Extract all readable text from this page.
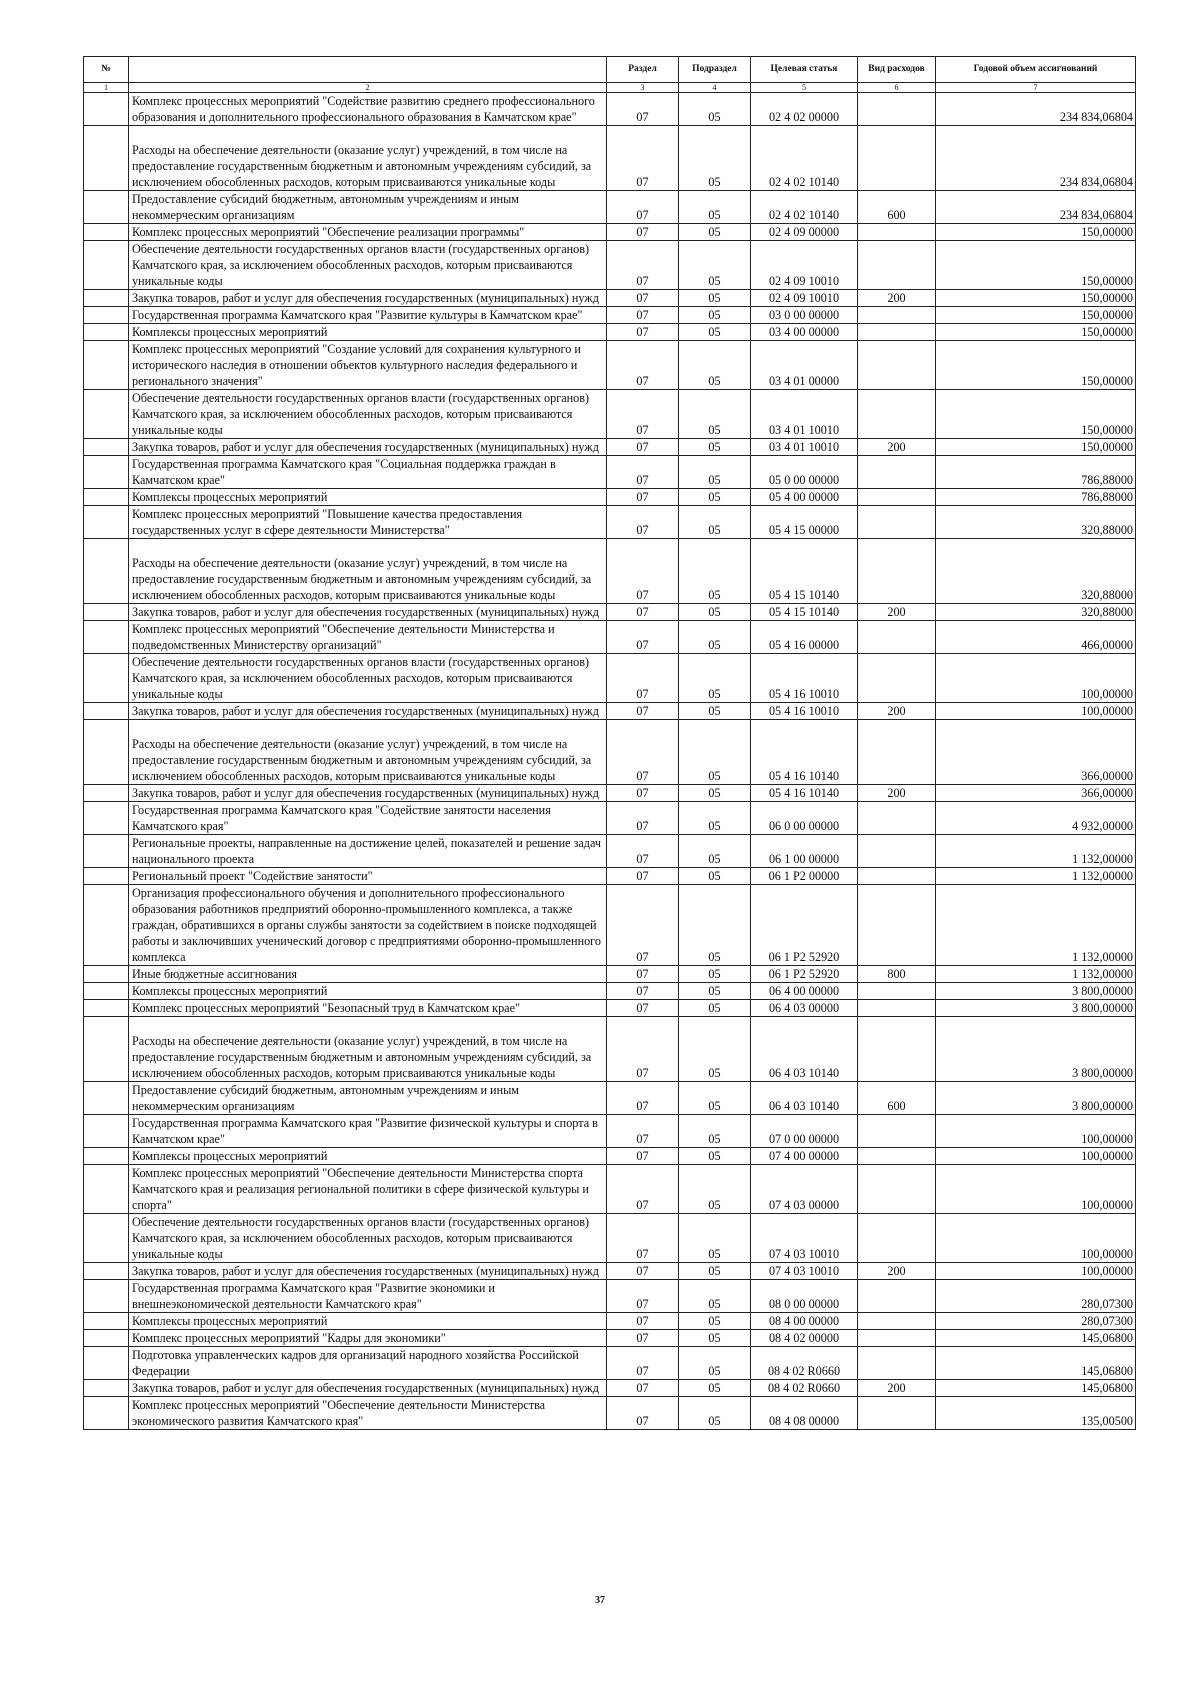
№		Раздел	Подраздел	Целевая статья	Вид расходов	Годовой объем ассигнований
1	2	3	4	5	6	7
	Комплекс процессных мероприятий "Содействие развитию среднего профессионального образования и дополнительного профессионального образования в Камчатском крае"	07	05	02 4 02 00000		234 834,06804
	Расходы на обеспечение деятельности (оказание услуг) учреждений, в том числе на предоставление государственным бюджетным и автономным учреждениям субсидий, за исключением обособленных расходов, которым присваиваются уникальные коды	07	05	02 4 02 10140		234 834,06804
	Предоставление субсидий бюджетным, автономным учреждениям и иным некоммерческим организациям	07	05	02 4 02 10140	600	234 834,06804
	Комплекс процессных мероприятий "Обеспечение реализации программы"	07	05	02 4 09 00000		150,00000
	Обеспечение деятельности государственных органов власти (государственных органов) Камчатского края, за исключением обособленных расходов, которым присваиваются уникальные коды	07	05	02 4 09 10010		150,00000
	Закупка товаров, работ и услуг для обеспечения государственных (муниципальных) нужд	07	05	02 4 09 10010	200	150,00000
	Государственная программа Камчатского края "Развитие культуры в Камчатском крае"	07	05	03 0 00 00000		150,00000
	Комплексы процессных мероприятий	07	05	03 4 00 00000		150,00000
	Комплекс процессных мероприятий "Создание условий для сохранения культурного и исторического наследия в отношении объектов культурного наследия федерального и регионального значения"	07	05	03 4 01 00000		150,00000
	Обеспечение деятельности государственных органов власти (государственных органов) Камчатского края, за исключением обособленных расходов, которым присваиваются уникальные коды	07	05	03 4 01 10010		150,00000
	Закупка товаров, работ и услуг для обеспечения государственных (муниципальных) нужд	07	05	03 4 01 10010	200	150,00000
	Государственная программа Камчатского края "Социальная поддержка граждан в Камчатском крае"	07	05	05 0 00 00000		786,88000
	Комплексы процессных мероприятий	07	05	05 4 00 00000		786,88000
	Комплекс процессных мероприятий "Повышение качества предоставления государственных услуг в сфере деятельности Министерства"	07	05	05 4 15 00000		320,88000
	Расходы на обеспечение деятельности (оказание услуг) учреждений, в том числе на предоставление государственным бюджетным и автономным учреждениям субсидий, за исключением обособленных расходов, которым присваиваются уникальные коды	07	05	05 4 15 10140		320,88000
	Закупка товаров, работ и услуг для обеспечения государственных (муниципальных) нужд	07	05	05 4 15 10140	200	320,88000
	Комплекс процессных мероприятий "Обеспечение деятельности Министерства и подведомственных Министерству организаций"	07	05	05 4 16 00000		466,00000
	Обеспечение деятельности государственных органов власти (государственных органов) Камчатского края, за исключением обособленных расходов, которым присваиваются уникальные коды	07	05	05 4 16 10010		100,00000
	Закупка товаров, работ и услуг для обеспечения государственных (муниципальных) нужд	07	05	05 4 16 10010	200	100,00000
	Расходы на обеспечение деятельности (оказание услуг) учреждений, в том числе на предоставление государственным бюджетным и автономным учреждениям субсидий, за исключением обособленных расходов, которым присваиваются уникальные коды	07	05	05 4 16 10140		366,00000
	Закупка товаров, работ и услуг для обеспечения государственных (муниципальных) нужд	07	05	05 4 16 10140	200	366,00000
	Государственная программа Камчатского края "Содействие занятости населения Камчатского края"	07	05	06 0 00 00000		4 932,00000
	Региональные проекты, направленные на достижение целей, показателей и решение задач национального проекта	07	05	06 1 00 00000		1 132,00000
	Региональный проект "Содействие занятости"	07	05	06 1 P2 00000		1 132,00000
	Организация профессионального обучения и дополнительного профессионального образования работников предприятий оборонно-промышленного комплекса, а также граждан, обратившихся в органы службы занятости за содействием в поиске подходящей работы и заключивших ученический договор с предприятиями оборонно-промышленного комплекса	07	05	06 1 P2 52920		1 132,00000
	Иные бюджетные ассигнования	07	05	06 1 P2 52920	800	1 132,00000
	Комплексы процессных мероприятий	07	05	06 4 00 00000		3 800,00000
	Комплекс процессных мероприятий "Безопасный труд в Камчатском крае"	07	05	06 4 03 00000		3 800,00000
	Расходы на обеспечение деятельности (оказание услуг) учреждений, в том числе на предоставление государственным бюджетным и автономным учреждениям субсидий, за исключением обособленных расходов, которым присваиваются уникальные коды	07	05	06 4 03 10140		3 800,00000
	Предоставление субсидий бюджетным, автономным учреждениям и иным некоммерческим организациям	07	05	06 4 03 10140	600	3 800,00000
	Государственная программа Камчатского края "Развитие физической культуры и спорта в Камчатском крае"	07	05	07 0 00 00000		100,00000
	Комплексы процессных мероприятий	07	05	07 4 00 00000		100,00000
	Комплекс процессных мероприятий "Обеспечение деятельности Министерства спорта Камчатского края и реализация региональной политики в сфере физической культуры и спорта"	07	05	07 4 03 00000		100,00000
	Обеспечение деятельности государственных органов власти (государственных органов) Камчатского края, за исключением обособленных расходов, которым присваиваются уникальные коды	07	05	07 4 03 10010		100,00000
	Закупка товаров, работ и услуг для обеспечения государственных (муниципальных) нужд	07	05	07 4 03 10010	200	100,00000
	Государственная программа Камчатского края "Развитие экономики и внешнеэкономической деятельности Камчатского края"	07	05	08 0 00 00000		280,07300
	Комплексы процессных мероприятий	07	05	08 4 00 00000		280,07300
	Комплекс процессных мероприятий "Кадры для экономики"	07	05	08 4 02 00000		145,06800
	Подготовка управленческих кадров для организаций народного хозяйства Российской Федерации	07	05	08 4 02 R0660		145,06800
	Закупка товаров, работ и услуг для обеспечения государственных (муниципальных) нужд	07	05	08 4 02 R0660	200	145,06800
	Комплекс процессных мероприятий "Обеспечение деятельности Министерства экономического развития Камчатского края"	07	05	08 4 08 00000		135,00500
37
